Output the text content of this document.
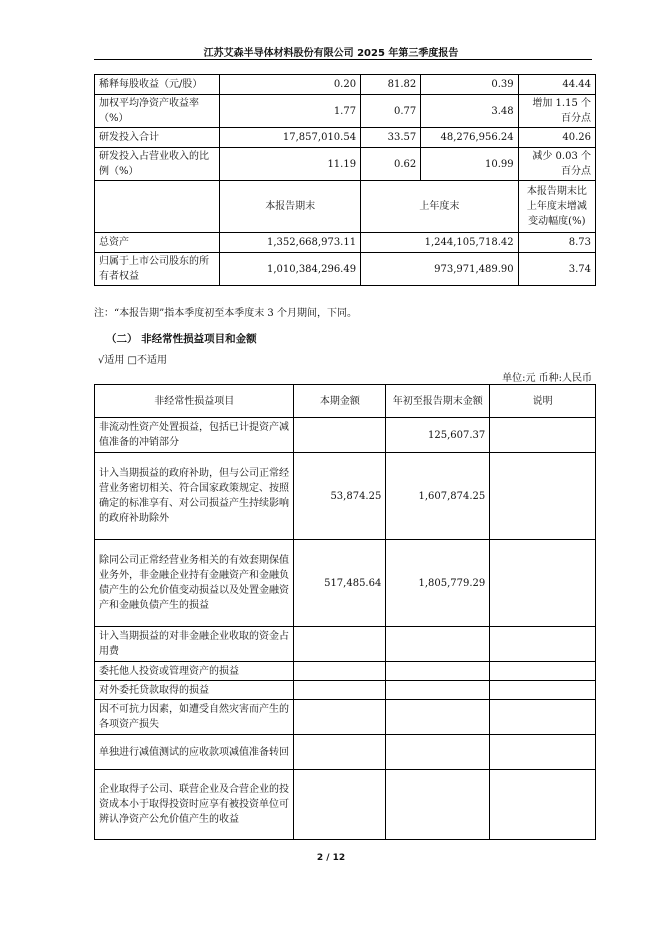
江苏艾森半导体材料股份有限公司 2025 年第三季度报告
稀释每股收益（元/股）	0.20	81.82	0.39	44.44
加权平均净资产收益率（%）	1.77	0.77	3.48	增加 1.15 个百分点
研发投入合计	17,857,010.54	33.57	48,276,956.24	40.26
研发投入占营业收入的比例（%）	11.19	0.62	10.99	减少 0.03 个百分点
	本报告期末	上年度末		本报告期末比上年度末增减变动幅度(%)
总资产	1,352,668,973.11	1,244,105,718.42		8.73
归属于上市公司股东的所有者权益	1,010,384,296.49	973,971,489.90		3.74
注：“本报告期”指本季度初至本季度末 3 个月期间，下同。
（二） 非经常性损益项目和金额
√适用 □不适用
单位:元 币种:人民币
非经常性损益项目	本期金额	年初至报告期末金额	说明
非流动性资产处置损益，包括已计提资产减值准备的冲销部分		125,607.37	
计入当期损益的政府补助，但与公司正常经营业务密切相关、符合国家政策规定、按照确定的标准享有、对公司损益产生持续影响的政府补助除外	53,874.25	1,607,874.25	
除同公司正常经营业务相关的有效套期保值业务外，非金融企业持有金融资产和金融负债产生的公允价值变动损益以及处置金融资产和金融负债产生的损益	517,485.64	1,805,779.29	
计入当期损益的对非金融企业收取的资金占用费			
委托他人投资或管理资产的损益			
对外委托贷款取得的损益			
因不可抗力因素，如遭受自然灾害而产生的各项资产损失			
单独进行减值测试的应收款项减值准备转回			
企业取得子公司、联营企业及合营企业的投资成本小于取得投资时应享有被投资单位可辨认净资产公允价值产生的收益			
2 / 12
